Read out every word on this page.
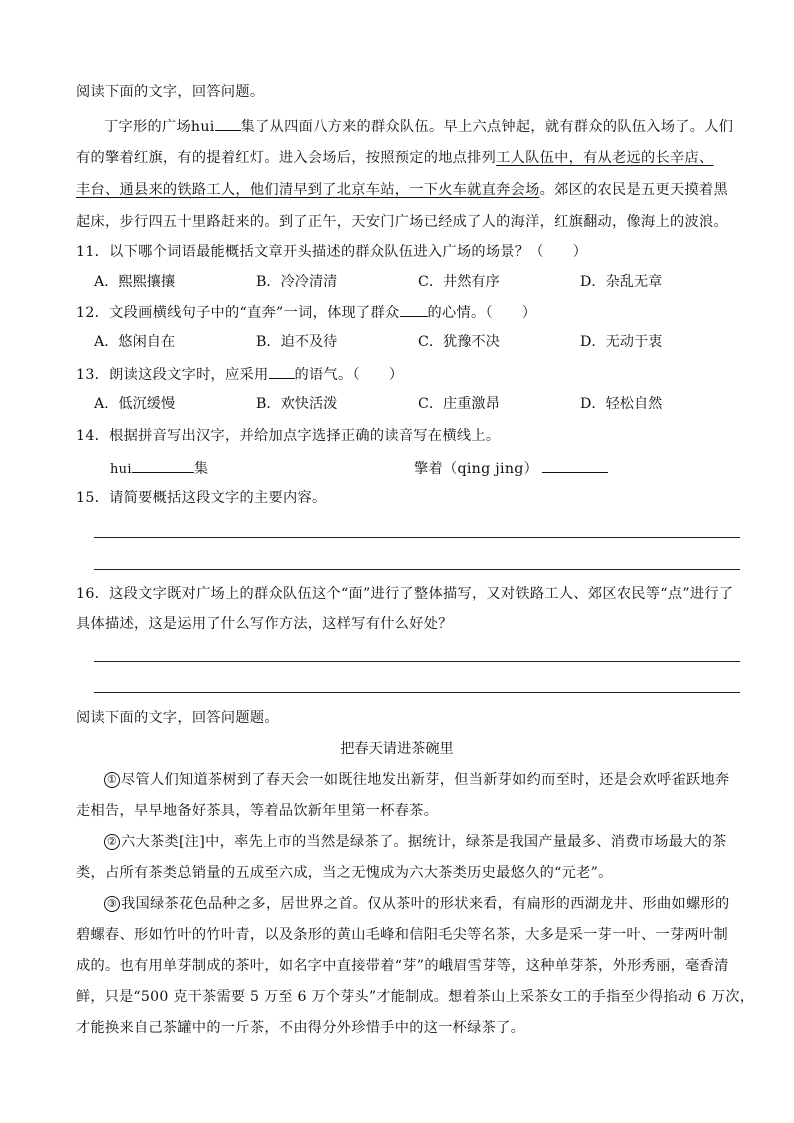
阅读下面的文字，回答问题。
丁字形的广场hui 集了从四面八方来的群众队伍。早上六点钟起，就有群众的队伍入场了。人们
有的擎着红旗，有的提着红灯。进入会场后，按照预定的地点排列工人队伍中，有从老远的长辛店、
丰台、通县来的铁路工人，他们清早到了北京车站，一下火车就直奔会场。郊区的农民是五更天摸着黑
起床，步行四五十里路赶来的。到了正午，天安门广场已经成了人的海洋，红旗翻动，像海上的波浪。
11．以下哪个词语最能概括文章开头描述的群众队伍进入广场的场景？（　　）
A．熙熙攘攘	B．冷冷清清	C．井然有序	D．杂乱无章
12．文段画横线句子中的“直奔”一词，体现了群众 的心情。（　　）
A．悠闲自在	B．迫不及待	C．犹豫不决	D．无动于衷
13．朗读这段文字时，应采用 的语气。（　　）
A．低沉缓慢	B．欢快活泼	C．庄重激昂	D．轻松自然
14．根据拼音写出汉字，并给加点字选择正确的读音写在横线上。
hui	集	擎着（qing jing）
15．请简要概括这段文字的主要内容。
16．这段文字既对广场上的群众队伍这个“面”进行了整体描写，又对铁路工人、郊区农民等“点”进行了
具体描述，这是运用了什么写作方法，这样写有什么好处？
阅读下面的文字，回答问题题。
把春天请进茶碗里
① 尽管人们知道茶树到了春天会一如既往地发出新芽，但当新芽如约而至时，还是会欢呼雀跃地奔
走相告，早早地备好茶具，等着品饮新年里第一杯春茶。
② 六大茶类[注]中，率先上市的当然是绿茶了。据统计，绿茶是我国产量最多、消费市场最大的茶
类，占所有茶类总销量的五成至六成，当之无愧成为六大茶类历史最悠久的“元老”。
③ 我国绿茶花色品种之多，居世界之首。仅从茶叶的形状来看，有扁形的西湖龙井、形曲如螺形的
碧螺春、形如竹叶的竹叶青，以及条形的黄山毛峰和信阳毛尖等名茶，大多是采一芽一叶、一芽两叶制
成的。也有用单芽制成的茶叶，如名字中直接带着“芽”的峨眉雪芽等，这种单芽茶，外形秀丽，毫香清
鲜，只是“500 克干茶需要 5 万至 6 万个芽头”才能制成。想着茶山上采茶女工的手指至少得掐动 6 万次，
才能换来自己茶罐中的一斤茶，不由得分外珍惜手中的这一杯绿茶了。
